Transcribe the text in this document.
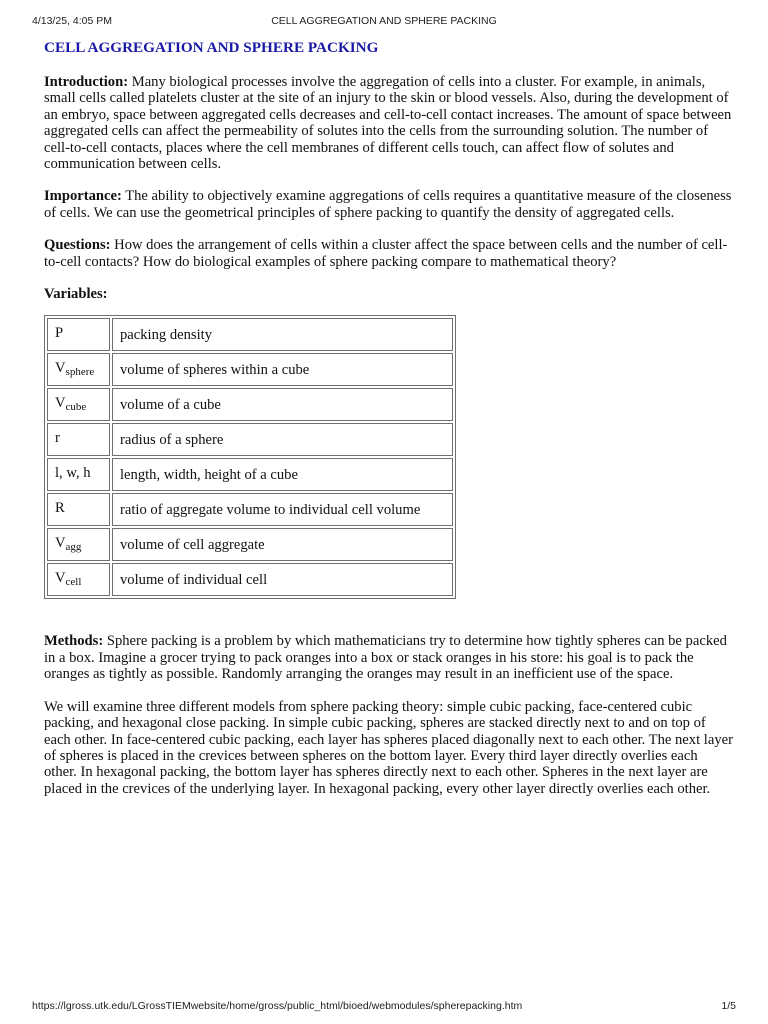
4/13/25, 4:05 PM	CELL AGGREGATION AND SPHERE PACKING
CELL AGGREGATION AND SPHERE PACKING

Introduction: Many biological processes involve the aggregation of cells into a cluster. For example, in animals, small cells called platelets cluster at the site of an injury to the skin or blood vessels. Also, during the development of an embryo, space between aggregated cells decreases and cell-to-cell contact increases. The amount of space between aggregated cells can affect the permeability of solutes into the cells from the surrounding solution. The number of cell-to-cell contacts, places where the cell membranes of different cells touch, can affect flow of solutes and communication between cells.

Importance: The ability to objectively examine aggregations of cells requires a quantitative measure of the closeness of cells. We can use the geometrical principles of sphere packing to quantify the density of aggregated cells.

Questions: How does the arrangement of cells within a cluster affect the space between cells and the number of cell-to-cell contacts? How do biological examples of sphere packing compare to mathematical theory?

Variables:
P	packing density
$V_{sphere}$	volume of spheres within a cube
$V_{cube}$	volume of a cube
r	radius of a sphere
l, w, h	length, width, height of a cube
R	ratio of aggregate volume to individual cell volume
$V_{agg}$	volume of cell aggregate
$V_{cell}$	volume of individual cell

Methods: Sphere packing is a problem by which mathematicians try to determine how tightly spheres can be packed in a box. Imagine a grocer trying to pack oranges into a box or stack oranges in his store: his goal is to pack the oranges as tightly as possible. Randomly arranging the oranges may result in an inefficient use of the space.

We will examine three different models from sphere packing theory: simple cubic packing, face-centered cubic packing, and hexagonal close packing. In simple cubic packing, spheres are stacked directly next to and on top of each other. In face-centered cubic packing, each layer has spheres placed diagonally next to each other. The next layer of spheres is placed in the crevices between spheres on the bottom layer. Every third layer directly overlies each other. In hexagonal packing, the bottom layer has spheres directly next to each other. Spheres in the next layer are placed in the crevices of the underlying layer. In hexagonal packing, every other layer directly overlies each other.

https://lgross.utk.edu/LGrossTIEMwebsite/home/gross/public_html/bioed/webmodules/spherepacking.htm	1/5
